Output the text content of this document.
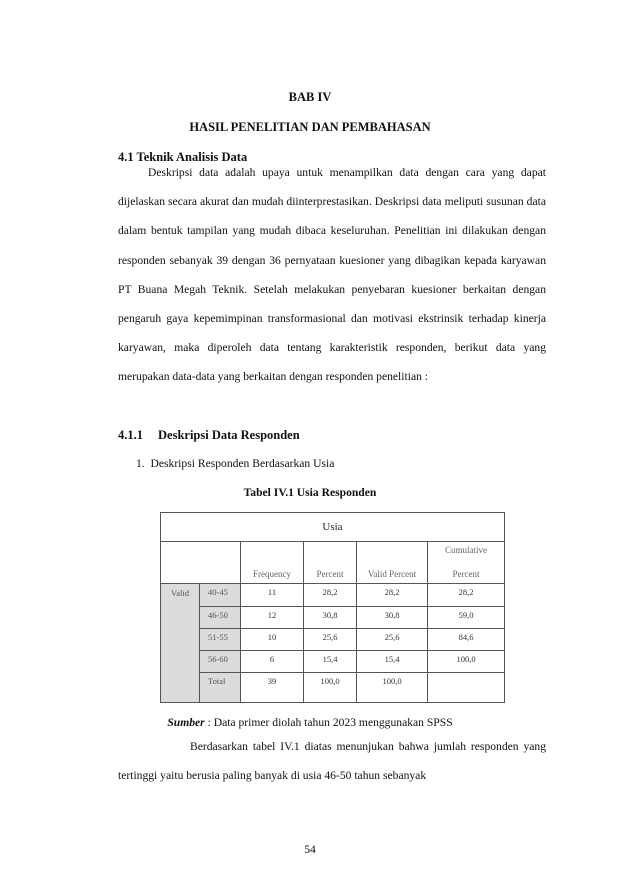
BAB IV
HASIL PENELITIAN DAN PEMBAHASAN
4.1 Teknik Analisis Data
Deskripsi data adalah upaya untuk menampilkan data dengan cara yang dapat dijelaskan secara akurat dan mudah diinterprestasikan. Deskripsi data meliputi susunan data dalam bentuk tampilan yang mudah dibaca keseluruhan. Penelitian ini dilakukan dengan responden sebanyak 39 dengan 36 pernyataan kuesioner yang dibagikan kepada karyawan PT Buana Megah Teknik. Setelah melakukan penyebaran kuesioner berkaitan dengan pengaruh gaya kepemimpinan transformasional dan motivasi ekstrinsik terhadap kinerja karyawan, maka diperoleh data tentang karakteristik responden, berikut data yang merupakan data-data yang berkaitan dengan responden penelitian :
4.1.1	Deskripsi Data Responden
1.  Deskripsi Responden Berdasarkan Usia
Tabel IV.1 Usia Responden
Usia					
		Frequency	Percent	Valid Percent	Cumulative
Percent
Valid	40-45	11	28,2	28,2	28,2
	46-50	12	30,8	30,8	59,0
	51-55	10	25,6	25,6	84,6
	56-60	6	15,4	15,4	100,0
	Total	39	100,0	100,0	
Sumber : Data primer diolah tahun 2023 menggunakan SPSS
Berdasarkan tabel IV.1 diatas menunjukan bahwa jumlah responden yang tertinggi yaitu berusia paling banyak di usia 46-50 tahun sebanyak
54
